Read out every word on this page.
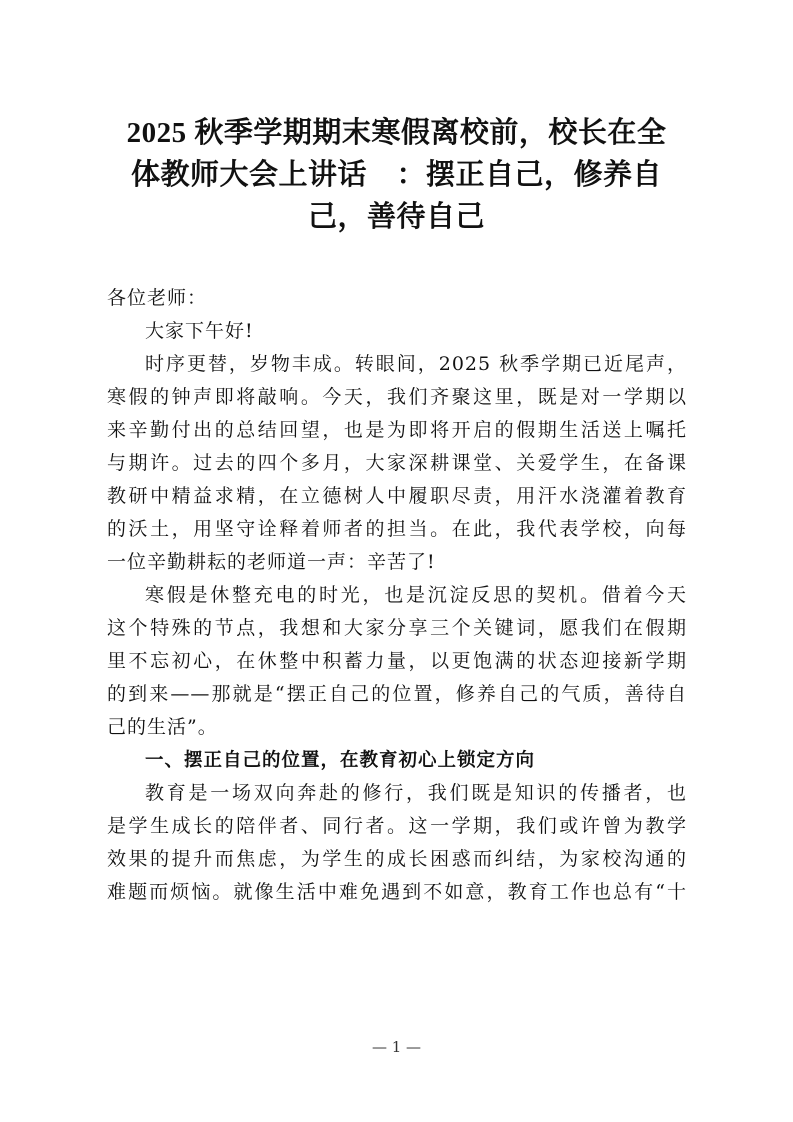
2025 秋季学期期末寒假离校前，校长在全
体教师大会上讲话　：摆正自己，修养自
己，善待自己
各位老师：
大家下午好!
时序更替，岁物丰成。转眼间，2025 秋季学期已近尾声，
寒假的钟声即将敲响。今天，我们齐聚这里，既是对一学期以
来辛勤付出的总结回望，也是为即将开启的假期生活送上嘱托
与期许。过去的四个多月，大家深耕课堂、关爱学生，在备课
教研中精益求精，在立德树人中履职尽责，用汗水浇灌着教育
的沃土，用坚守诠释着师者的担当。在此，我代表学校，向每
一位辛勤耕耘的老师道一声：辛苦了!
寒假是休整充电的时光，也是沉淀反思的契机。借着今天
这个特殊的节点，我想和大家分享三个关键词，愿我们在假期
里不忘初心，在休整中积蓄力量，以更饱满的状态迎接新学期
的到来——那就是“摆正自己的位置，修养自己的气质，善待自
己的生活”。
一、摆正自己的位置，在教育初心上锁定方向
教育是一场双向奔赴的修行，我们既是知识的传播者，也
是学生成长的陪伴者、同行者。这一学期，我们或许曾为教学
效果的提升而焦虑，为学生的成长困惑而纠结，为家校沟通的
难题而烦恼。就像生活中难免遇到不如意，教育工作也总有“十
— 1 —
